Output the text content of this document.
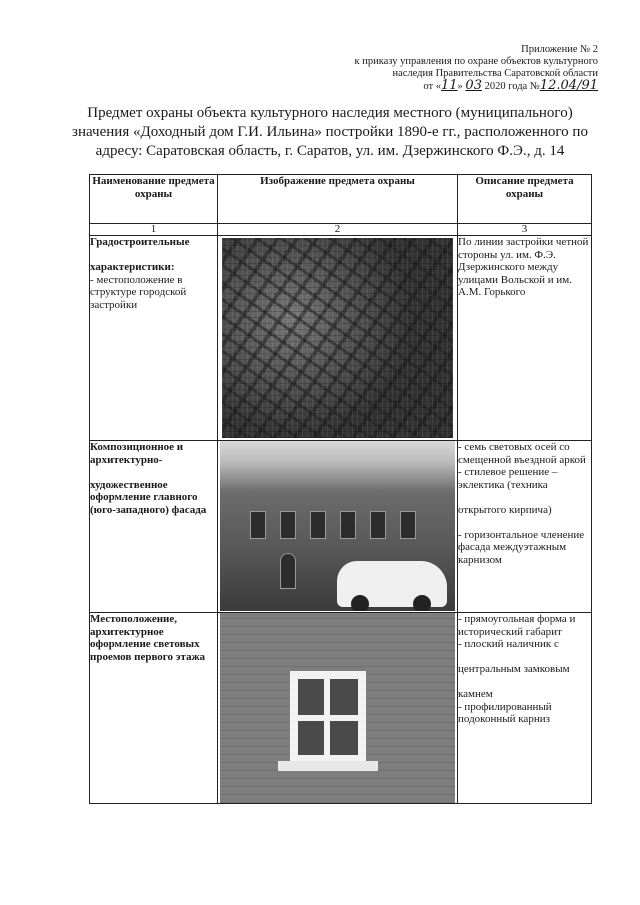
Приложение № 2
к приказу управления по охране объектов культурного
наследия Правительства Саратовской области
от «11» 03 2020 года №12.04/91
Предмет охраны объекта культурного наследия местного (муниципального) значения «Доходный дом Г.И. Ильина» постройки 1890-е гг., расположенного по адресу: Саратовская область, г. Саратов, ул. им. Дзержинского Ф.Э., д. 14
Наименование предмета охраны	Изображение предмета охраны	Описание предмета охраны
1	2	3

Градостроительные

характеристики:
- местоположение в структуре городской застройки		По линии застройки четной
стороны ул. им. Ф.Э. Дзержинского между улицами Вольской и им. А.М. Горького

Композиционное и архитектурно-

художественное оформление главного (юго-западного) фасада		- семь световых осей со смещенной въездной аркой
- стилевое решение – эклектика (техника

открытого кирпича)

- горизонтальное членение
фасада междуэтажным карнизом

Местоположение, архитектурное оформление световых проемов первого этажа		- прямоугольная форма и исторический габарит
- плоский наличник с

центральным замковым

камнем
- профилированный подоконный карниз
